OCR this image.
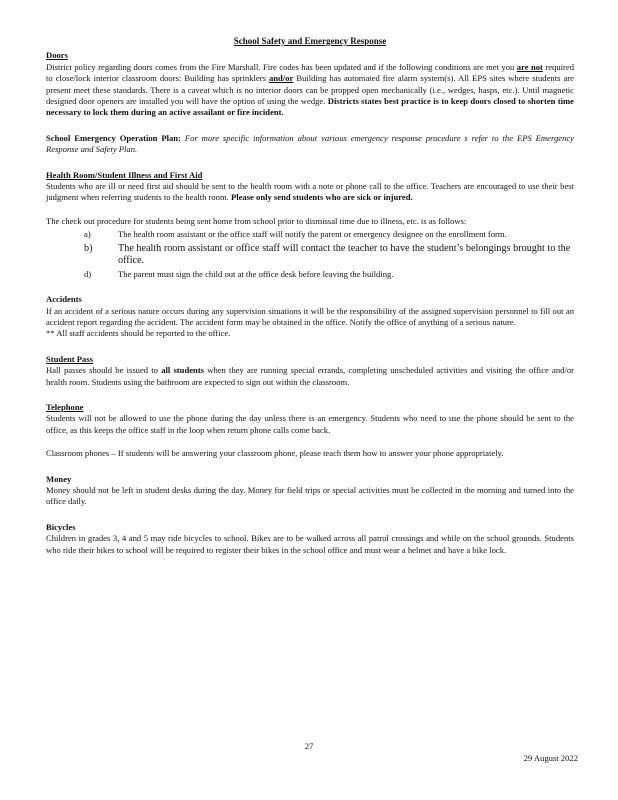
School Safety and Emergency Response
Doors

District policy regarding doors comes from the Fire Marshall. Fire codes has been updated and if the following conditions are met you are not required to close/lock interior classroom doors: Building has sprinklers and/or Building has automated fire alarm system(s). All EPS sites where students are present meet these standards. There is a caveat which is no interior doors can be propped open mechanically (i.e., wedges, hasps, etc.). Until magnetic designed door openers are installed you will have the option of using the wedge. Districts states best practice is to keep doors closed to shorten time necessary to lock them during an active assailant or fire incident.

School Emergency Operation Plan: For more specific information about various emergency response procedure s refer to the EPS Emergency Response and Safety Plan.

Health Room/Student Illness and First Aid

Students who are ill or need first aid should be sent to the health room with a note or phone call to the office. Teachers are encouraged to use their best judgment when referring students to the health room. Please only send students who are sick or injured.

The check out procedure for students being sent home from school prior to dismissal time due to illness, etc. is as follows:

a)	The health room assistant or the office staff will notify the parent or emergency designee on the enrollment form.
b)	The health room assistant or office staff will contact the teacher to have the student’s belongings brought to the office.
d)	The parent must sign the child out at the office desk before leaving the building.
Accidents

If an accident of a serious nature occurs during any supervision situations it will be the responsibility of the assigned supervision personnel to fill out an accident report regarding the accident. The accident form may be obtained in the office. Notify the office of anything of a serious nature.

** All staff accidents should be reported to the office.

Student Pass

Hall passes should be issued to all students when they are running special errands, completing unscheduled activities and visiting the office and/or health room. Students using the bathroom are expected to sign out within the classroom.

Telephone

Students will not be allowed to use the phone during the day unless there is an emergency. Students who need to use the phone should be sent to the office, as this keeps the office staff in the loop when return phone calls come back.

Classroom phones – If students will be answering your classroom phone, please teach them how to answer your phone appropriately.

Money

Money should not be left in student desks during the day. Money for field trips or special activities must be collected in the morning and turned into the office daily.

Bicycles

Children in grades 3, 4 and 5 may ride bicycles to school. Bikes are to be walked across all patrol crossings and while on the school grounds. Students who ride their bikes to school will be required to register their bikes in the school office and must wear a helmet and have a bike lock.

27
29 August 2022
